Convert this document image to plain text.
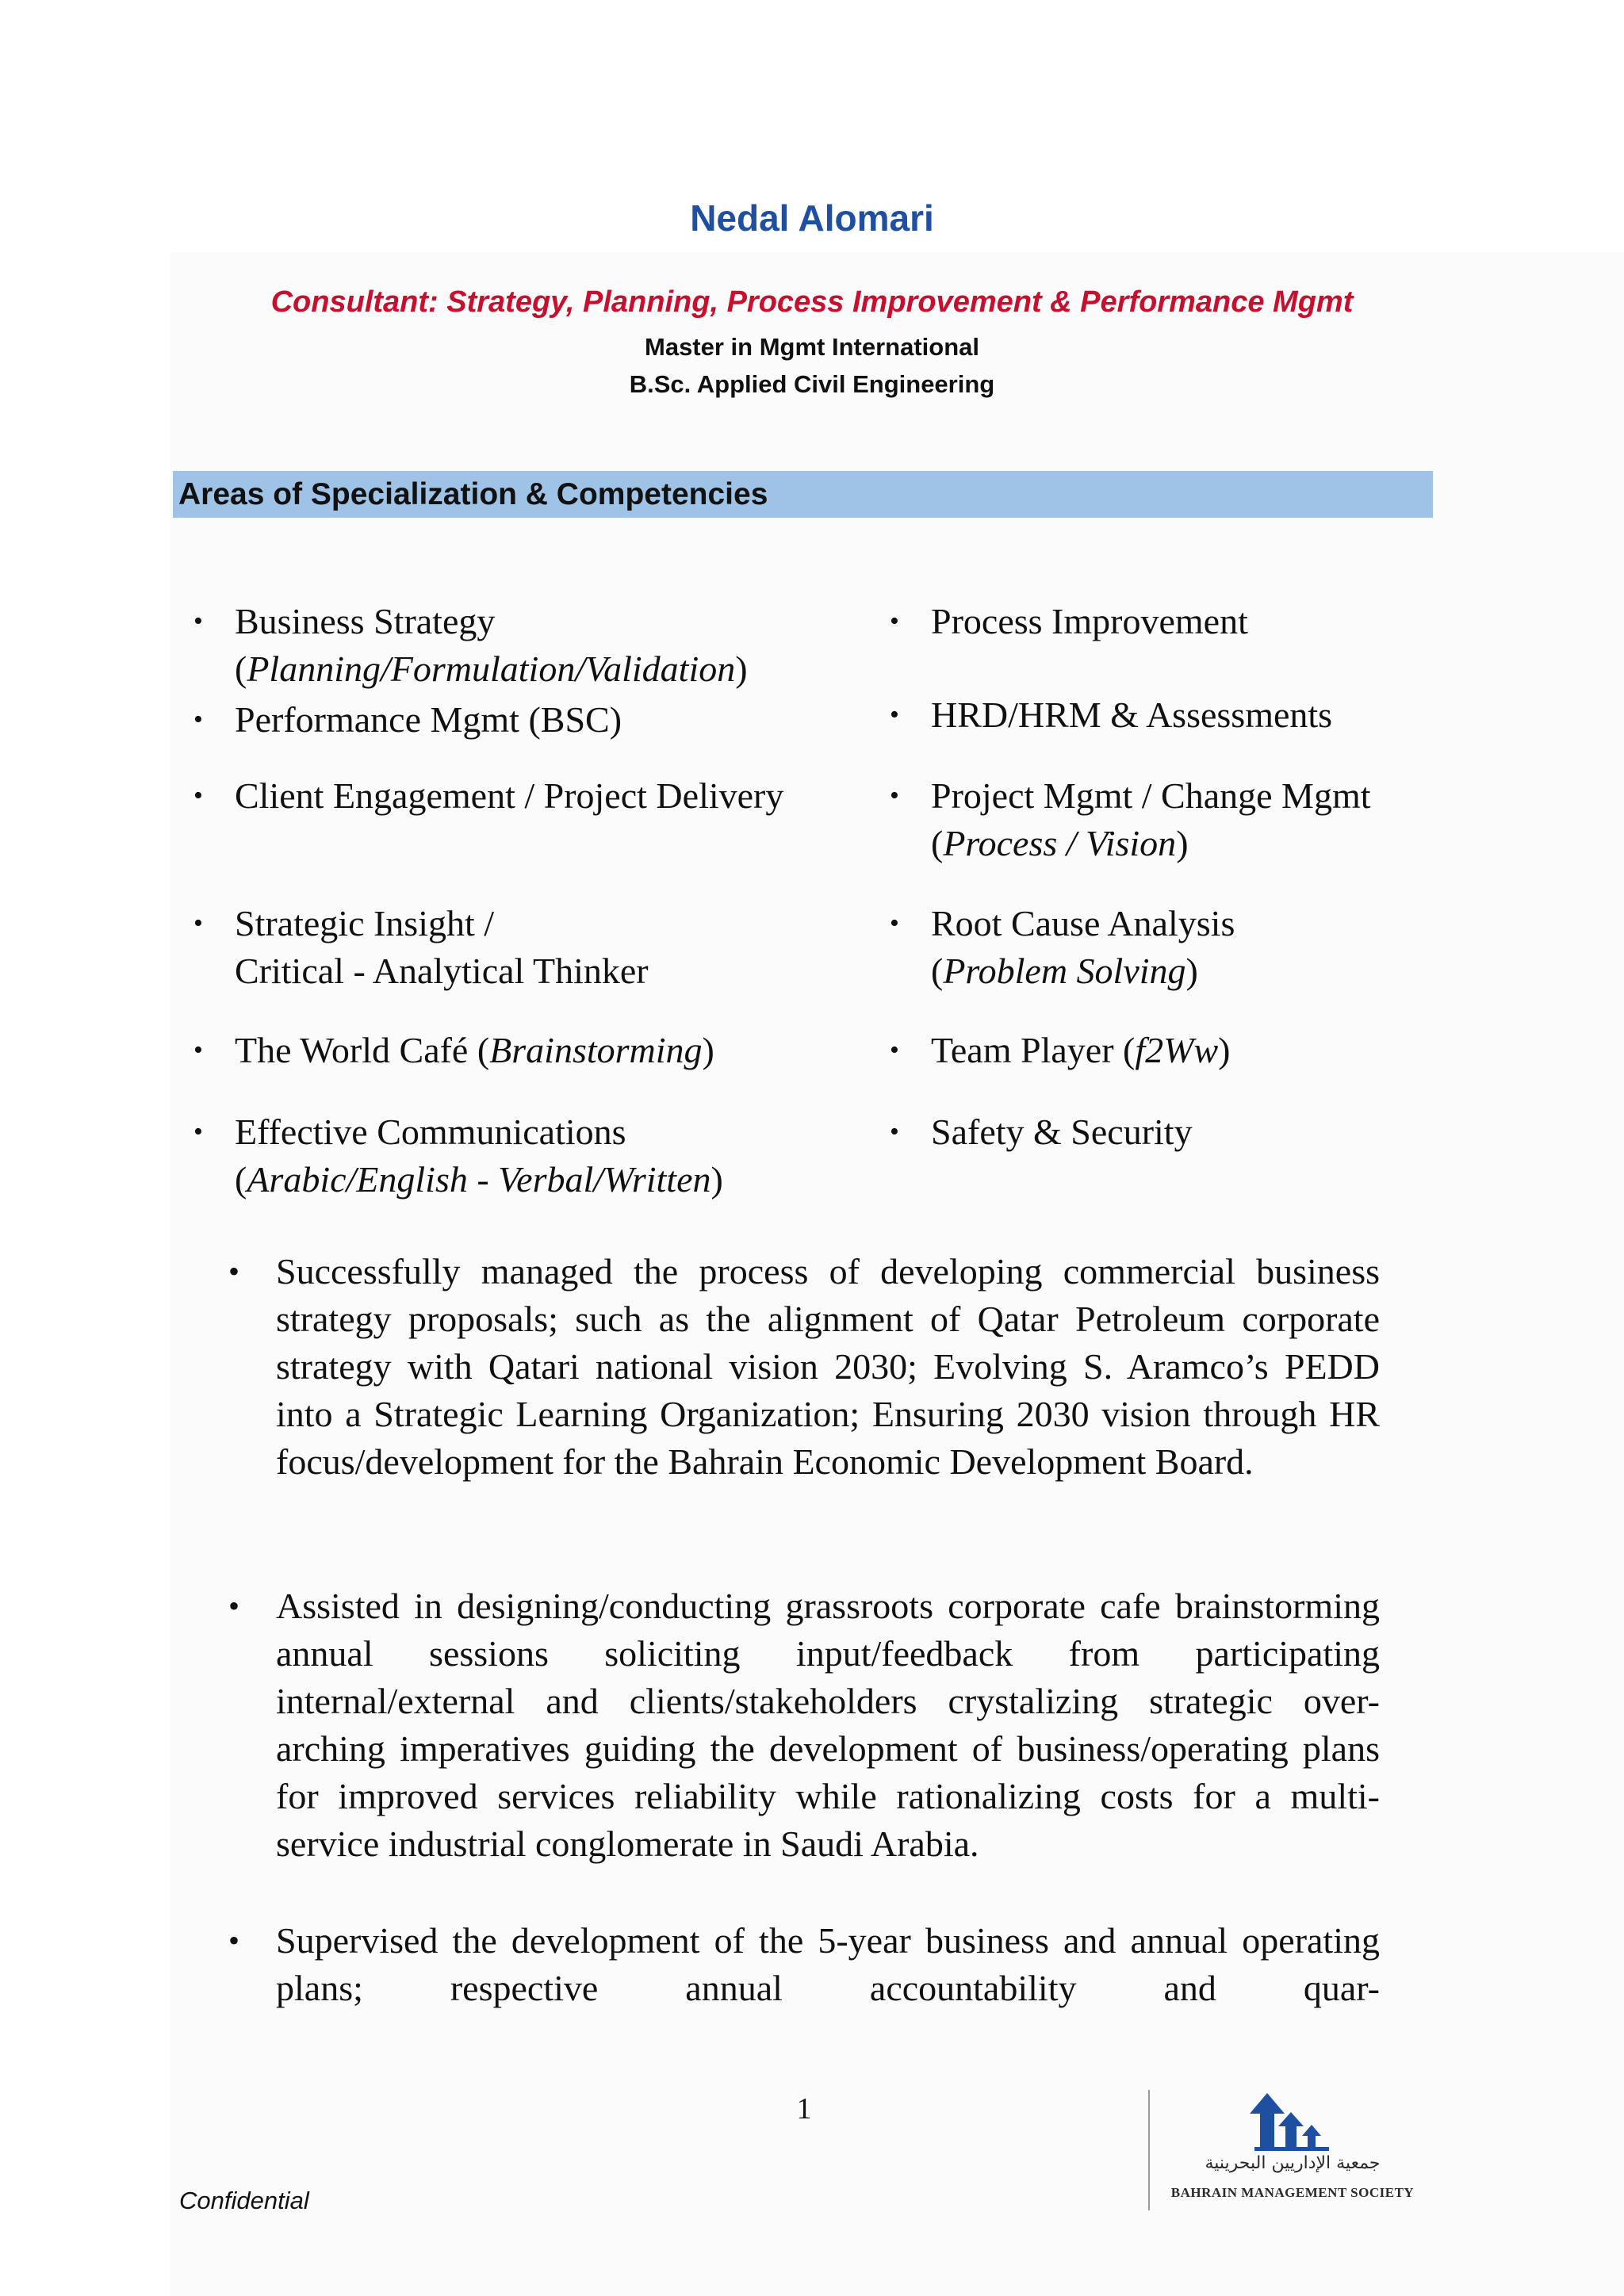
Nedal Alomari
Consultant: Strategy, Planning, Process Improvement & Performance Mgmt
Master in Mgmt International
B.Sc. Applied Civil Engineering
Areas of Specialization & Competencies
• Business Strategy
(Planning/Formulation/Validation)
• Performance Mgmt (BSC)
• Client Engagement / Project Delivery
• Strategic Insight /
Critical - Analytical Thinker
• The World Café (Brainstorming)
• Effective Communications
(Arabic/English - Verbal/Written)
• Process Improvement
• HRD/HRM & Assessments
• Project Mgmt / Change Mgmt
(Process / Vision)
• Root Cause Analysis
(Problem Solving)
• Team Player (f2Ww)
• Safety & Security
• Successfully managed the process of developing commercial business strategy proposals; such as the alignment of Qatar Petroleum corporate strategy with Qatari national vision 2030; Evolving S. Aramco’s PEDD into a Strategic Learning Organization; Ensuring 2030 vision through HR focus/development for the Bahrain Economic Development Board.
• Assisted in designing/conducting grassroots corporate cafe brainstorming annual sessions soliciting input/feedback from participating internal/external and clients/stakeholders crystalizing strategic over-arching imperatives guiding the development of business/operating plans for improved services reliability while rationalizing costs for a multi-service industrial conglomerate in Saudi Arabia.
• Supervised the development of the 5-year business and annual operating plans; respective annual accountability and quar-
1
Confidential
جمعية الإداريين البحرينية
BAHRAIN MANAGEMENT SOCIETY
